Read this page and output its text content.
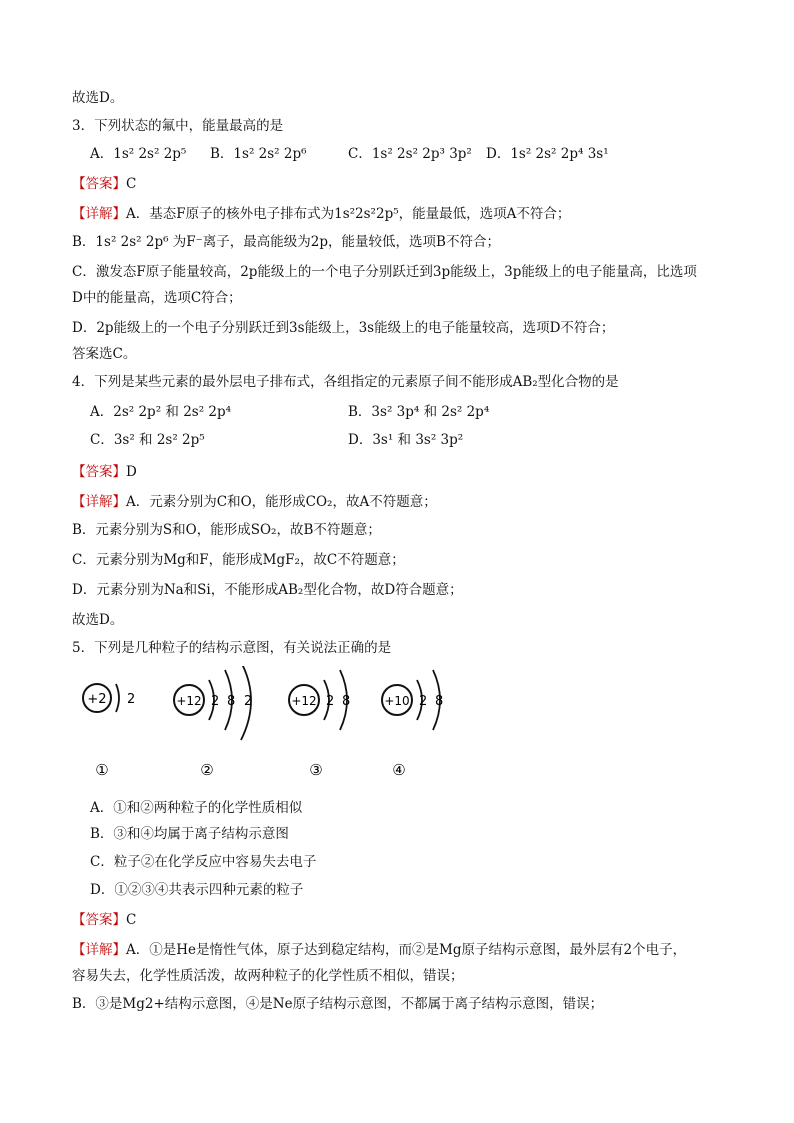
故选D。
3．下列状态的氟中，能量最高的是
A．1s² 2s² 2p⁵ B．1s² 2s² 2p⁶	C．1s² 2s² 2p³ 3p² D．1s² 2s² 2p⁴ 3s¹
【答案】C
【详解】A．基态F原子的核外电子排布式为1s²2s²2p⁵，能量最低，选项A不符合；
B．1s² 2s² 2p⁶ 为F⁻离子，最高能级为2p，能量较低，选项B不符合；
C．激发态F原子能量较高，2p能级上的一个电子分别跃迁到3p能级上，3p能级上的电子能量高，比选项
D中的能量高，选项C符合；
D．2p能级上的一个电子分别跃迁到3s能级上，3s能级上的电子能量较高，选项D不符合；
答案选C。
4．下列是某些元素的最外层电子排布式，各组指定的元素原子间不能形成AB₂型化合物的是
A．2s² 2p² 和 2s² 2p⁴	B．3s² 3p⁴ 和 2s² 2p⁴
C．3s² 和 2s² 2p⁵	D．3s¹ 和 3s² 3p²
【答案】D
【详解】A．元素分别为C和O，能形成CO₂，故A不符题意；
B．元素分别为S和O，能形成SO₂，故B不符题意；
C．元素分别为Mg和F，能形成MgF₂，故C不符题意；
D．元素分别为Na和Si，不能形成AB₂型化合物，故D符合题意；
故选D。
5．下列是几种粒子的结构示意图，有关说法正确的是
+2 2
①
+12 2 8 2
②
+12 2 8
③
+10 2 8
④
A．①和②两种粒子的化学性质相似
B．③和④均属于离子结构示意图
C．粒子②在化学反应中容易失去电子
D．①②③④共表示四种元素的粒子
【答案】C
【详解】A．①是He是惰性气体，原子达到稳定结构，而②是Mg原子结构示意图，最外层有2个电子，
容易失去，化学性质活泼，故两种粒子的化学性质不相似，错误；
B．③是Mg2+结构示意图，④是Ne原子结构示意图，不都属于离子结构示意图，错误；
